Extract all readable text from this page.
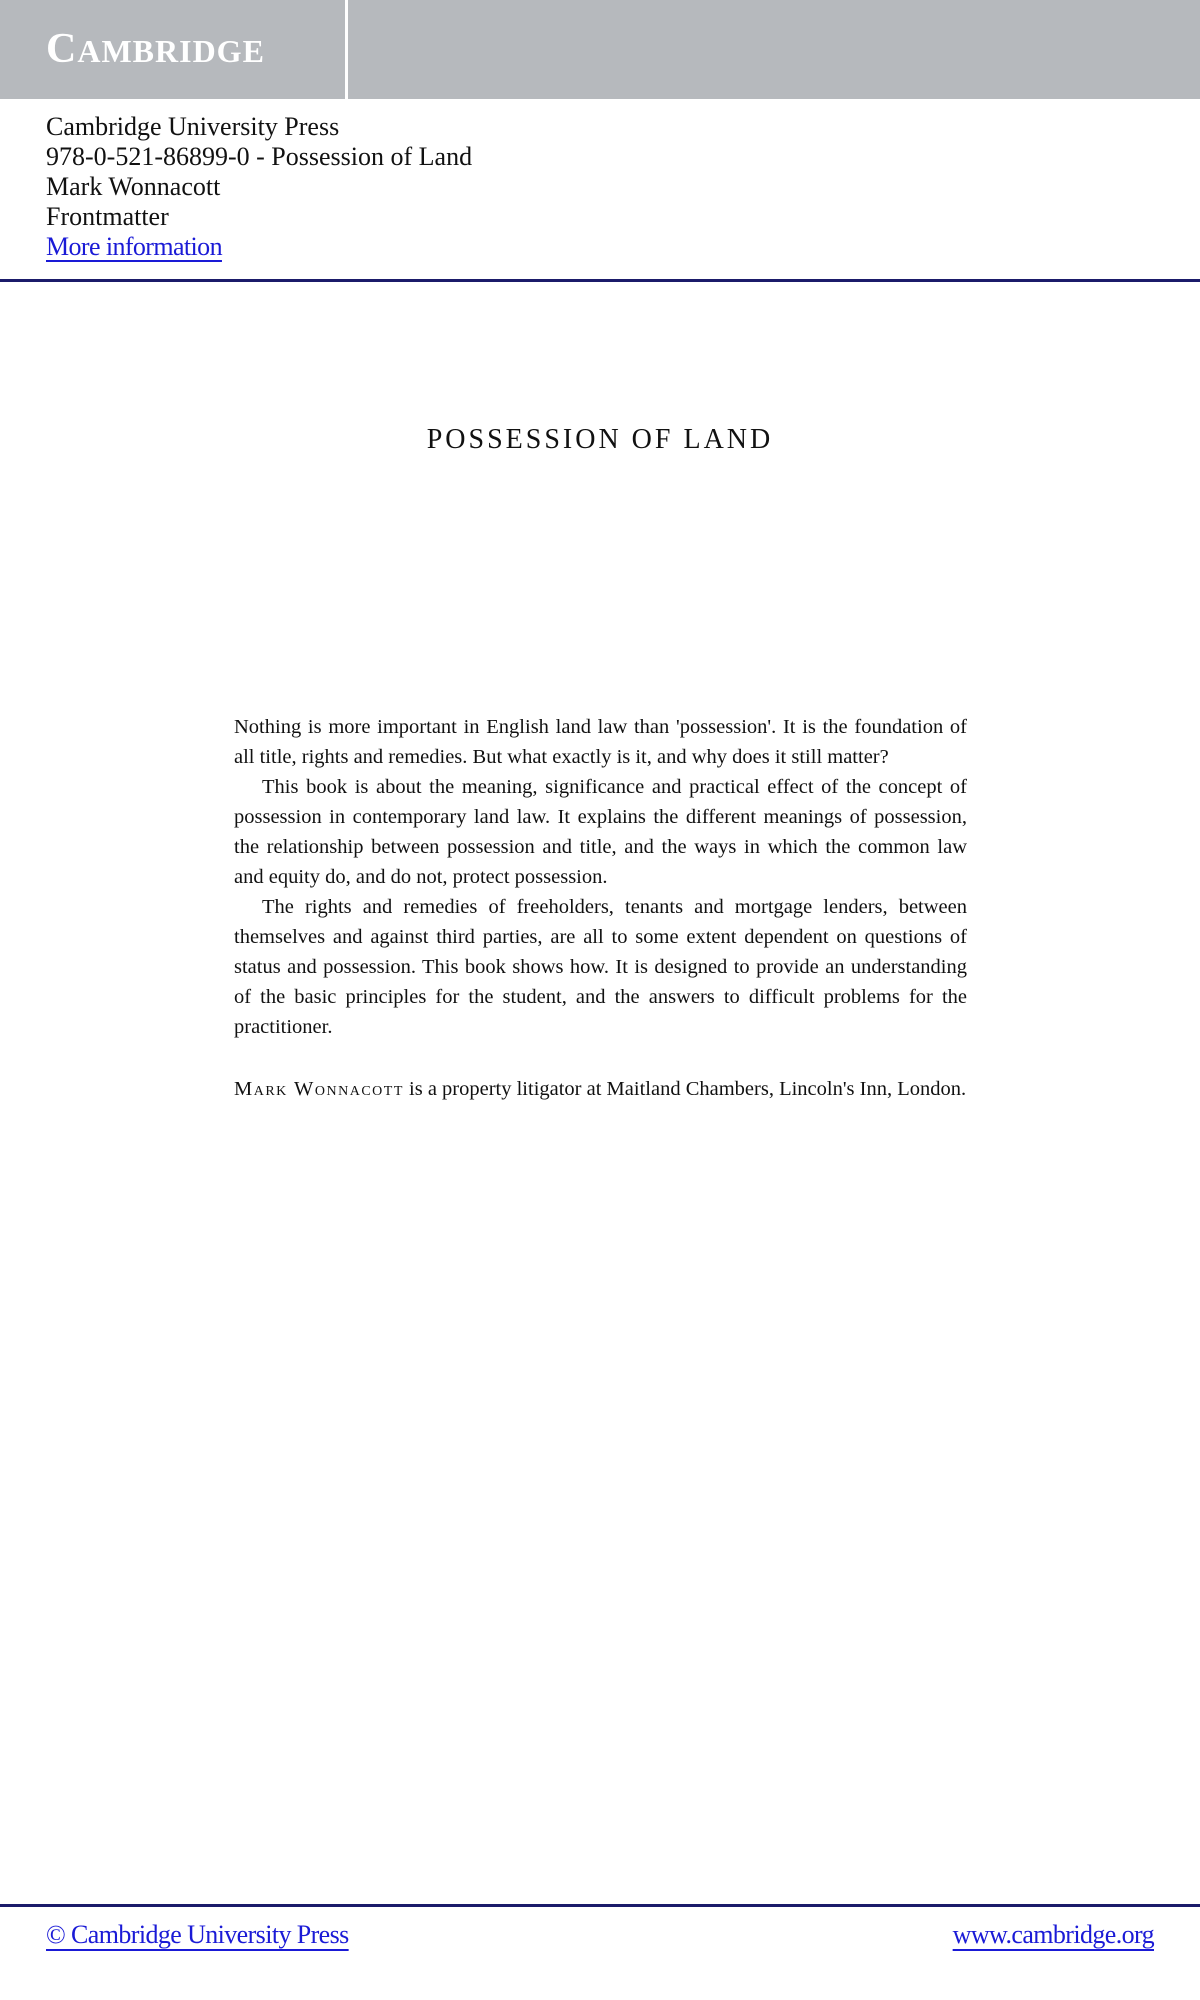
CAMBRIDGE
Cambridge University Press
978-0-521-86899-0 - Possession of Land
Mark Wonnacott
Frontmatter
More information
POSSESSION OF LAND

Nothing is more important in English land law than 'possession'. It is the foundation of all title, rights and remedies. But what exactly is it, and why does it still matter?

This book is about the meaning, significance and practical effect of the concept of possession in contemporary land law. It explains the different meanings of possession, the relationship between possession and title, and the ways in which the common law and equity do, and do not, protect possession.

The rights and remedies of freeholders, tenants and mortgage lenders, between themselves and against third parties, are all to some extent dependent on questions of status and possession. This book shows how. It is designed to provide an understanding of the basic principles for the student, and the answers to difficult problems for the practitioner.

Mark Wonnacott is a property litigator at Maitland Chambers, Lincoln's Inn, London.

© Cambridge University Press	www.cambridge.org
